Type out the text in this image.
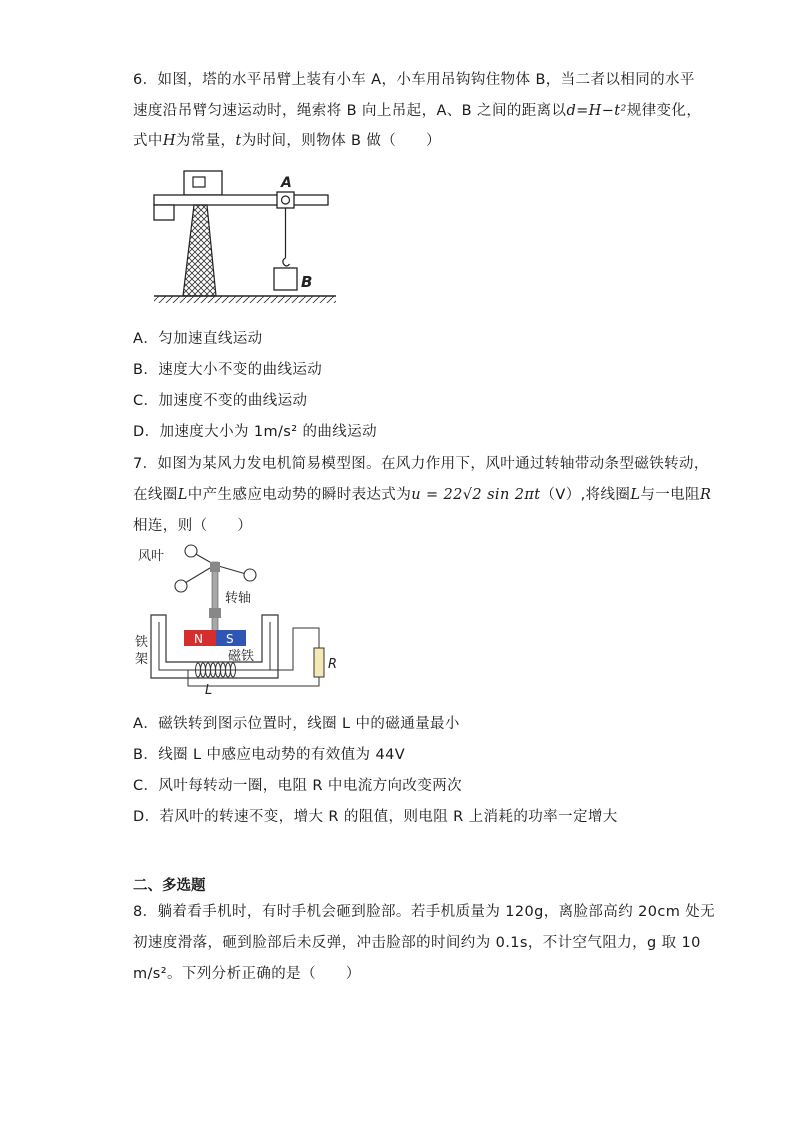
6．如图，塔的水平吊臂上装有小车 A，小车用吊钩钩住物体 B，当二者以相同的水平
速度沿吊臂匀速运动时，绳索将 B 向上吊起，A、B 之间的距离以d=H−t²规律变化，
式中H为常量，t为时间，则物体 B 做（　　）
A
B
A．匀加速直线运动
B．速度大小不变的曲线运动
C．加速度不变的曲线运动
D．加速度大小为 1m/s² 的曲线运动
7．如图为某风力发电机简易模型图。在风力作用下，风叶通过转轴带动条型磁铁转动，
在线圈L中产生感应电动势的瞬时表达式为u = 22√2 sin 2πt（V）,将线圈L与一电阻R
相连，则（　　）
风叶
转轴
铁
架
N S
磁铁
L
R
A．磁铁转到图示位置时，线圈 L 中的磁通量最小
B．线圈 L 中感应电动势的有效值为 44V
C．风叶每转动一圈，电阻 R 中电流方向改变两次
D．若风叶的转速不变，增大 R 的阻值，则电阻 R 上消耗的功率一定增大
二、多选题
8．躺着看手机时，有时手机会砸到脸部。若手机质量为 120g，离脸部高约 20cm 处无
初速度滑落，砸到脸部后未反弹，冲击脸部的时间约为 0.1s，不计空气阻力，g 取 10
m/s²。下列分析正确的是（　　）
